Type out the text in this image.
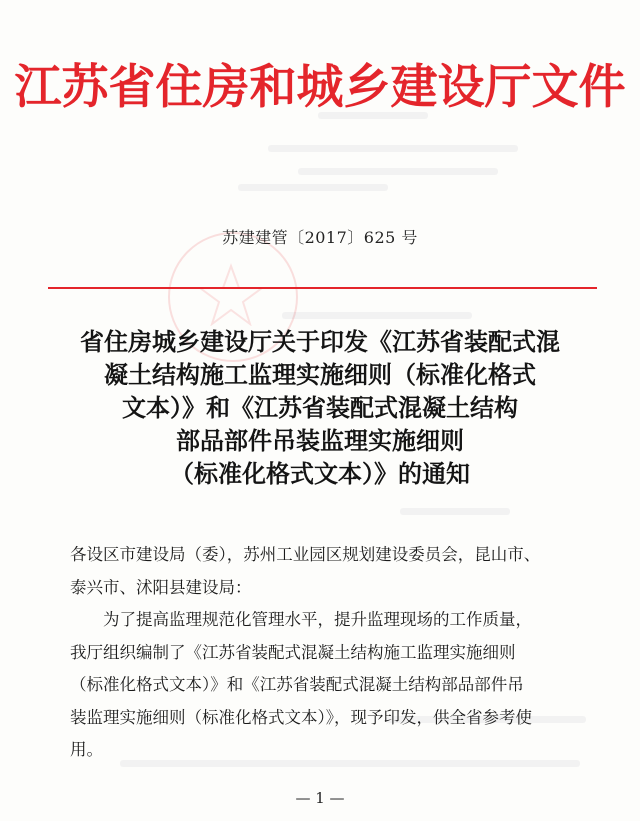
江苏省住房和城乡建设厅文件
苏建建管〔2017〕625 号
省住房城乡建设厅关于印发《江苏省装配式混
凝土结构施工监理实施细则（标准化格式
文本）》和《江苏省装配式混凝土结构
部品部件吊装监理实施细则
（标准化格式文本）》的通知
各设区市建设局（委），苏州工业园区规划建设委员会，昆山市、
泰兴市、沭阳县建设局：
为了提高监理规范化管理水平，提升监理现场的工作质量，
我厅组织编制了《江苏省装配式混凝土结构施工监理实施细则
（标准化格式文本）》和《江苏省装配式混凝土结构部品部件吊
装监理实施细则（标准化格式文本）》，现予印发，供全省参考使
用。
— 1 —
